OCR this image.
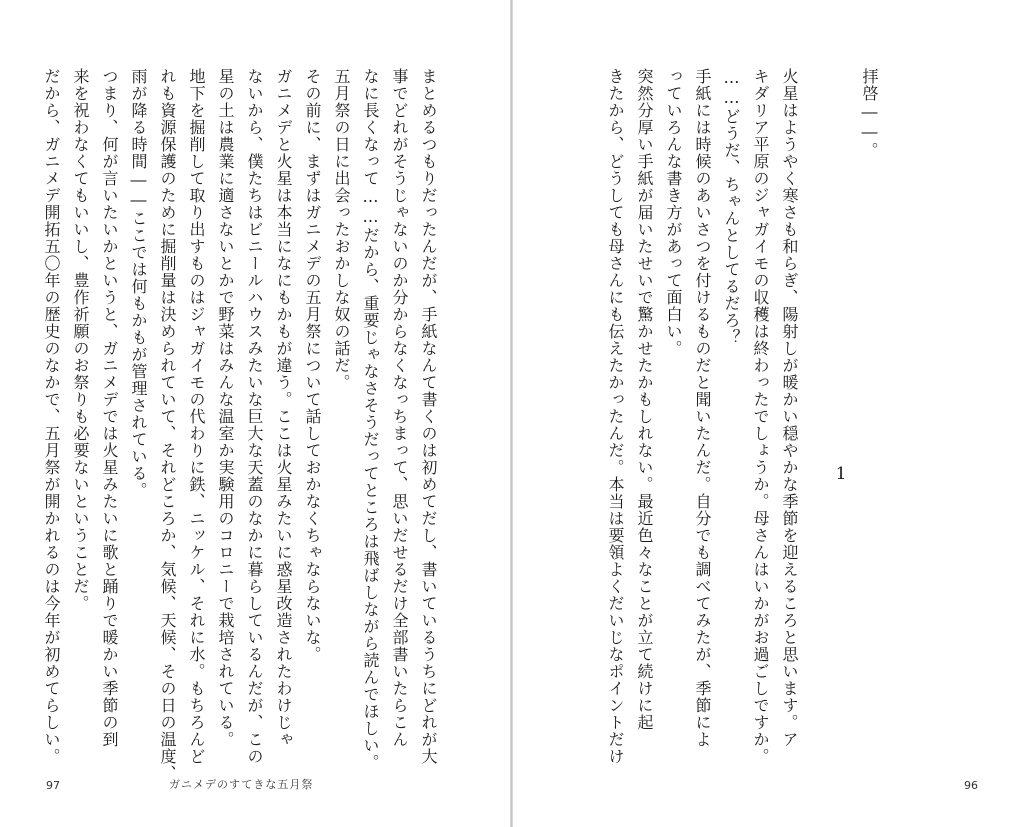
まとめるつもりだったんだが、手紙なんて書くのは初めてだし、書いているうちにどれが大

事でどれがそうじゃないのか分からなくなっちまって、思いだせるだけ全部書いたらこん

なに長くなって……だから、重要じゃなさそうだってところは飛ばしながら読んでほしい。

五月祭の日に出会ったおかしな奴の話だ。

その前に、まずはガニメデの五月祭について話しておかなくちゃならないな。

ガニメデと火星は本当になにもかもが違う。ここは火星みたいに惑星改造されたわけじゃ

ないから、僕たちはビニールハウスみたいな巨大な天蓋のなかに暮らしているんだが、この

星の土は農業に適さないとかで野菜はみんな温室か実験用のコロニーで栽培されている。

地下を掘削して取り出すものはジャガイモの代わりに鉄、ニッケル、それに水。もちろんど

れも資源保護のために掘削量は決められていて、それどころか、気候、天候、その日の温度、

雨が降る時間――ここでは何もかもが管理されている。

つまり、何が言いたいかというと、ガニメデでは火星みたいに歌と踊りで暖かい季節の到

来を祝わなくてもいいし、豊作祈願のお祭りも必要ないということだ。

だから、ガニメデ開拓五〇年の歴史のなかで、五月祭が開かれるのは今年が初めてらしい。

97	ガニメデのすてきな五月祭

拝啓――。

1

火星はようやく寒さも和らぎ、陽射しが暖かい穏やかな季節を迎えるころと思います。ア

キダリア平原のジャガイモの収穫は終わったでしょうか。母さんはいかがお過ごしですか。

……どうだ、ちゃんとしてるだろ？

手紙には時候のあいさつを付けるものだと聞いたんだ。自分でも調べてみたが、季節によ

っていろんな書き方があって面白い。

突然分厚い手紙が届いたせいで驚かせたかもしれない。最近色々なことが立て続けに起

きたから、どうしても母さんにも伝えたかったんだ。本当は要領よくだいじなポイントだけ

96
